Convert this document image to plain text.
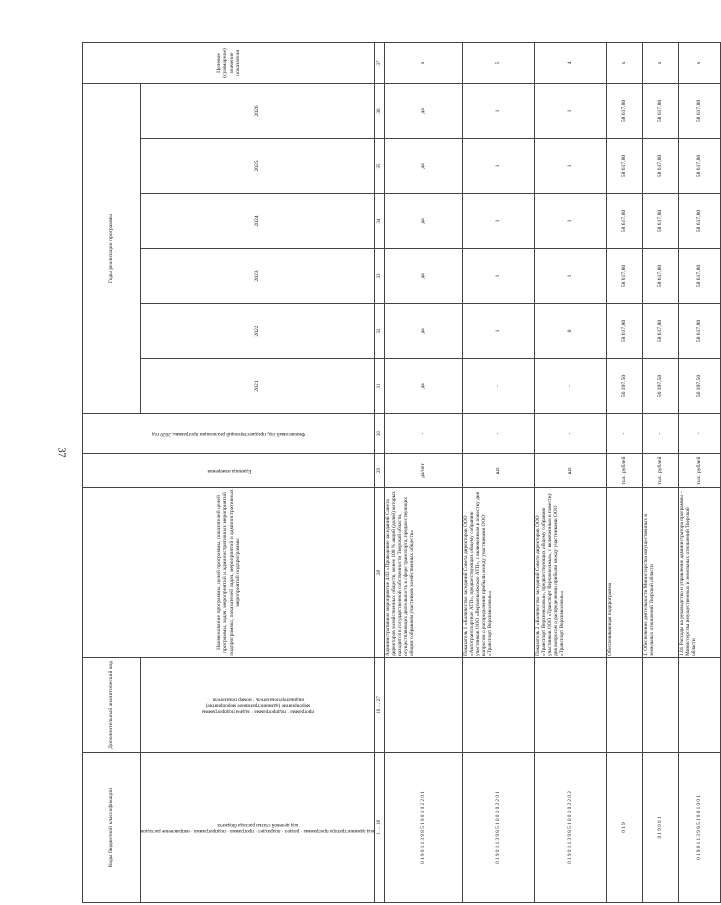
37
Коды бюджетной классификации	Дополнительный аналитический код	Наименование программы, целей программы, показателей целей программы, задач, мероприятий и административных мероприятий подпрограммы, показателей задач, мероприятий и административных мероприятий подпрограммы	Единица измерения	Финансовый год, предшествующий реализации программы, 2020 год	Годы реализации программы						Целевое (суммарное) значение показателя
код администратора программы · раздел · подраздел · программа · подпрограмма · направление расходов
код целевой статьи расхода бюджета	программа · подпрограмма · задача подпрограммы
мероприятие (административное мероприятие)
индикатор/показатель · номер показателя				2021	2022	2023	2024	2025	2026	
1 … 18	19 … 27	28	29	30	31	32	33	34	35	36	37
0 1 9 0 1 1 3 9 8 5 1 0 0 1 0 2 2 0 1		Административное мероприятие 4.02 «Проведение заседаний Совета директоров хозяйственных обществ, менее 100 % акций (долей) которых находится в государственной собственности Тверской области, осуществляющих деятельность в сфере транспорта, предшествующих общим собраниям участников хозяйственных обществ»	да/нет	-	да	да	да	да	да	да	х
0 1 9 0 1 1 3 9 8 5 1 0 0 1 0 2 2 0 1		Показатель 1 «Количество заседаний Совета директоров ООО «Автотранспортное АТП», предшествующих общему собранию участников ООО «Верхневолжское АТП», с включенным в повестку дня вопросом о распределении прибыли между участниками ООО «Транспорт Верхневолжья»»	шт.	-	-	1	1	1	1	1	5
0 1 9 0 1 1 3 9 8 5 1 0 0 1 0 2 2 0 2		Показатель 2 «Количество заседаний Совета директоров ООО «Транспорт Верхневолжья», предшествующих общему собранию участников ООО «Транспорт Верхневолжья», с включенным в повестку дня вопросом о распределении прибыли между участниками ООО «Транспорт Верхневолжья»»	шт.	-	-	0	1	1	1	1	4
0 1 9		Обеспечивающая подпрограмма	тыс. рублей	-	56 397,50	58 617,80	58 617,80	58 617,80	58 617,80	58 617,80	х
0 1 9 0 0 1		1. Обеспечение деятельности Министерства имущественных и земельных отношений Тверской области	тыс. рублей	-	56 397,50	58 617,80	58 617,80	58 617,80	58 617,80	58 617,80	х
0 1 9 0 1 1 3 9 8 5 1 0 0 1 0 0 1		1.01 Расходы на руководство и управление администратора программы – Министерства имущественных и земельных отношений Тверской области	тыс. рублей	-	56 397,50	58 617,80	58 617,80	58 617,80	58 617,80	58 617,80	х
